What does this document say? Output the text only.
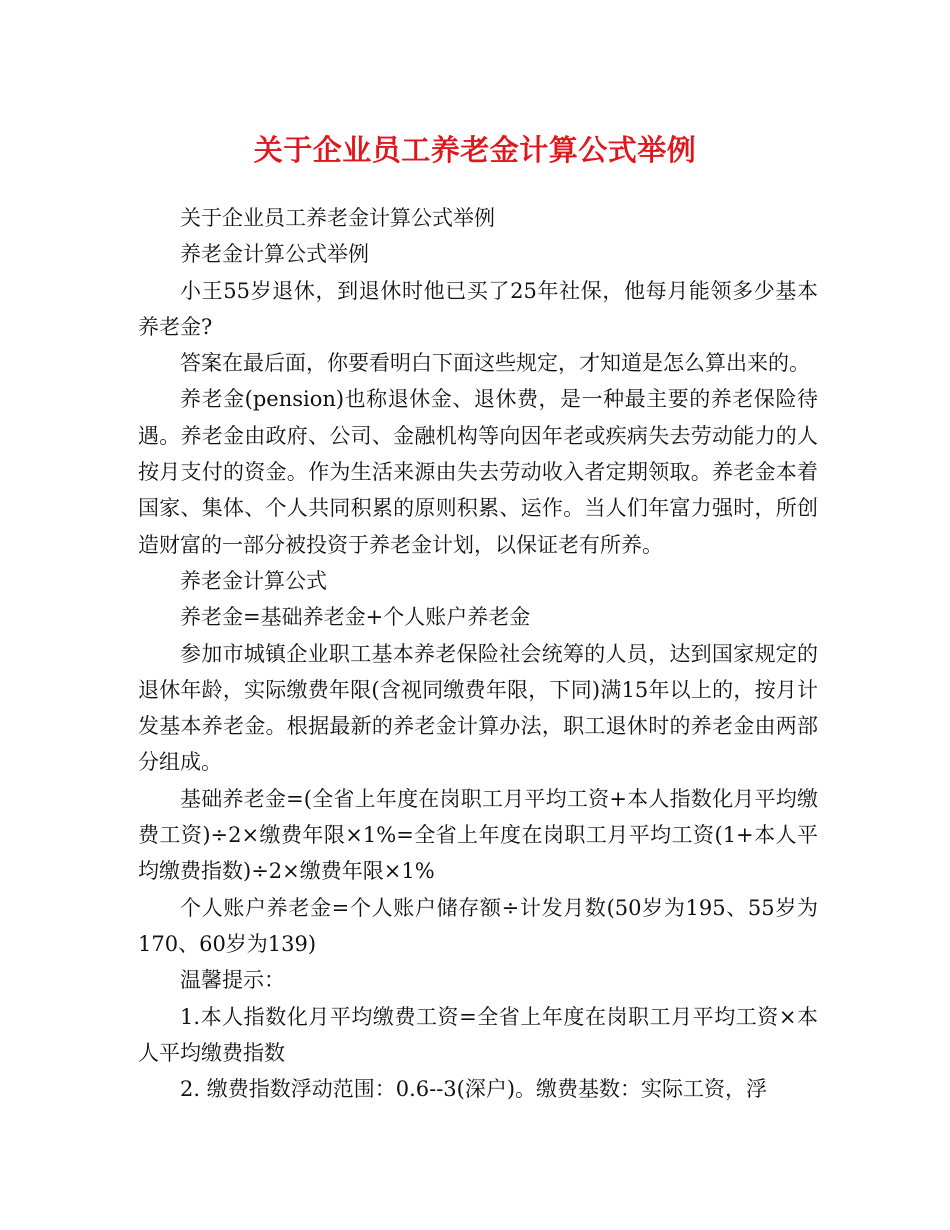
关于企业员工养老金计算公式举例

关于企业员工养老金计算公式举例

养老金计算公式举例

小王55岁退休，到退休时他已买了25年社保，他每月能领多少基本养老金?

答案在最后面，你要看明白下面这些规定，才知道是怎么算出来的。

养老金(pension)也称退休金、退休费，是一种最主要的养老保险待遇。养老金由政府、公司、金融机构等向因年老或疾病失去劳动能力的人按月支付的资金。作为生活来源由失去劳动收入者定期领取。养老金本着国家、集体、个人共同积累的原则积累、运作。当人们年富力强时，所创造财富的一部分被投资于养老金计划，以保证老有所养。

养老金计算公式

养老金=基础养老金+个人账户养老金

参加市城镇企业职工基本养老保险社会统筹的人员，达到国家规定的退休年龄，实际缴费年限(含视同缴费年限，下同)满15年以上的，按月计发基本养老金。根据最新的养老金计算办法，职工退休时的养老金由两部分组成。

基础养老金=(全省上年度在岗职工月平均工资+本人指数化月平均缴费工资)÷2×缴费年限×1%=全省上年度在岗职工月平均工资(1+本人平均缴费指数)÷2×缴费年限×1%

个人账户养老金=个人账户储存额÷计发月数(50岁为195、55岁为170、60岁为139)

温馨提示：

1.本人指数化月平均缴费工资=全省上年度在岗职工月平均工资×本人平均缴费指数

2. 缴费指数浮动范围：0.6--3(深户)。缴费基数：实际工资，浮
